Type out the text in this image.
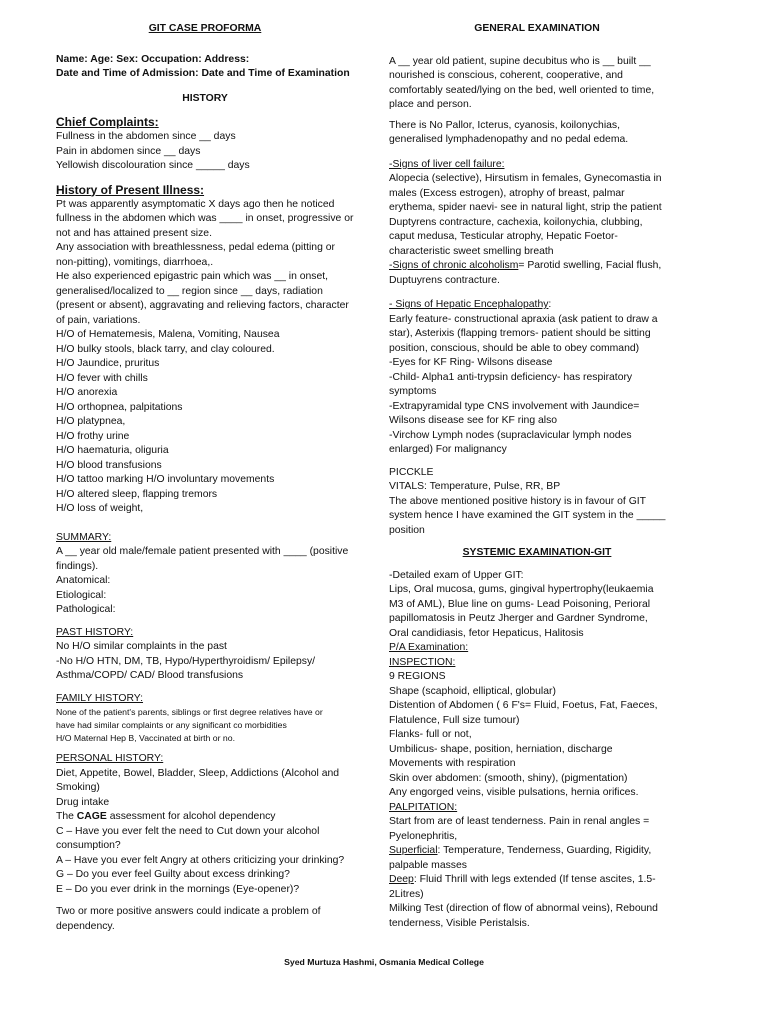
GIT CASE PROFORMA
Name: Age: Sex: Occupation: Address:
Date and Time of Admission: Date and Time of Examination
HISTORY
Chief Complaints:
Fullness in the abdomen since __ days
Pain in abdomen since __ days
Yellowish discolouration since _____ days
History of Present Illness:
Pt was apparently asymptomatic X days ago then he noticed
fullness in the abdomen which was ____ in onset, progressive or
not and has attained present size.
Any association with breathlessness, pedal edema (pitting or
non-pitting), vomitings, diarrhoea,.
He also experienced epigastric pain which was __ in onset,
generalised/localized to __ region since __ days, radiation
(present or absent), aggravating and relieving factors, character
of pain, variations.
H/O of Hematemesis, Malena, Vomiting, Nausea
H/O bulky stools, black tarry, and clay coloured.
H/O Jaundice, pruritus
H/O fever with chills
H/O anorexia
H/O orthopnea, palpitations
H/O platypnea,
H/O frothy urine
H/O haematuria, oliguria
H/O blood transfusions
H/O tattoo marking H/O involuntary movements
H/O altered sleep, flapping tremors
H/O loss of weight,
SUMMARY:
A __ year old male/female patient presented with ____ (positive
findings).
Anatomical:
Etiological:
Pathological:
PAST HISTORY:
No H/O similar complaints in the past
-No H/O HTN, DM, TB, Hypo/Hyperthyroidism/ Epilepsy/
Asthma/COPD/ CAD/ Blood transfusions
FAMILY HISTORY:
None of the patient's parents, siblings or first degree relatives have or
have had similar complaints or any significant co morbidities
H/O Maternal Hep B, Vaccinated at birth or no.
PERSONAL HISTORY:
Diet, Appetite, Bowel, Bladder, Sleep, Addictions (Alcohol and
Smoking)
Drug intake
The CAGE assessment for alcohol dependency
C – Have you ever felt the need to Cut down your alcohol
consumption?
A – Have you ever felt Angry at others criticizing your drinking?
G – Do you ever feel Guilty about excess drinking?
E – Do you ever drink in the mornings (Eye-opener)?
Two or more positive answers could indicate a problem of
dependency.
GENERAL EXAMINATION
A __ year old patient, supine decubitus who is __ built __
nourished is conscious, coherent, cooperative, and
comfortably seated/lying on the bed, well oriented to time,
place and person.
There is No Pallor, Icterus, cyanosis, koilonychias,
generalised lymphadenopathy and no pedal edema.
-Signs of liver cell failure:
Alopecia (selective), Hirsutism in females, Gynecomastia in
males (Excess estrogen), atrophy of breast, palmar
erythema, spider naevi- see in natural light, strip the patient
Duptyrens contracture, cachexia, koilonychia, clubbing,
caput medusa, Testicular atrophy, Hepatic Foetor-
characteristic sweet smelling breath
-Signs of chronic alcoholism= Parotid swelling, Facial flush,
Duptuyrens contracture.
- Signs of Hepatic Encephalopathy:
Early feature- constructional apraxia (ask patient to draw a
star), Asterixis (flapping tremors- patient should be sitting
position, conscious, should be able to obey command)
-Eyes for KF Ring- Wilsons disease
-Child- Alpha1 anti-trypsin deficiency- has respiratory
symptoms
-Extrapyramidal type CNS involvement with Jaundice=
Wilsons disease see for KF ring also
-Virchow Lymph nodes (supraclavicular lymph nodes
enlarged) For malignancy
PICCKLE
VITALS: Temperature, Pulse, RR, BP
The above mentioned positive history is in favour of GIT
system hence I have examined the GIT system in the _____
position
SYSTEMIC EXAMINATION-GIT
-Detailed exam of Upper GIT:
Lips, Oral mucosa, gums, gingival hypertrophy(leukaemia
M3 of AML), Blue line on gums- Lead Poisoning, Perioral
papillomatosis in Peutz Jherger and Gardner Syndrome,
Oral candidiasis, fetor Hepaticus, Halitosis
P/A Examination:
INSPECTION:
9 REGIONS
Shape (scaphoid, elliptical, globular)
Distention of Abdomen ( 6 F's= Fluid, Foetus, Fat, Faeces,
Flatulence, Full size tumour)
Flanks- full or not,
Umbilicus- shape, position, herniation, discharge
Movements with respiration
Skin over abdomen: (smooth, shiny), (pigmentation)
Any engorged veins, visible pulsations, hernia orifices.
PALPITATION:
Start from are of least tenderness. Pain in renal angles =
Pyelonephritis,
Superficial: Temperature, Tenderness, Guarding, Rigidity,
palpable masses
Deep: Fluid Thrill with legs extended (If tense ascites, 1.5-
2Litres)
Milking Test (direction of flow of abnormal veins), Rebound
tenderness, Visible Peristalsis.
Syed Murtuza Hashmi, Osmania Medical College
